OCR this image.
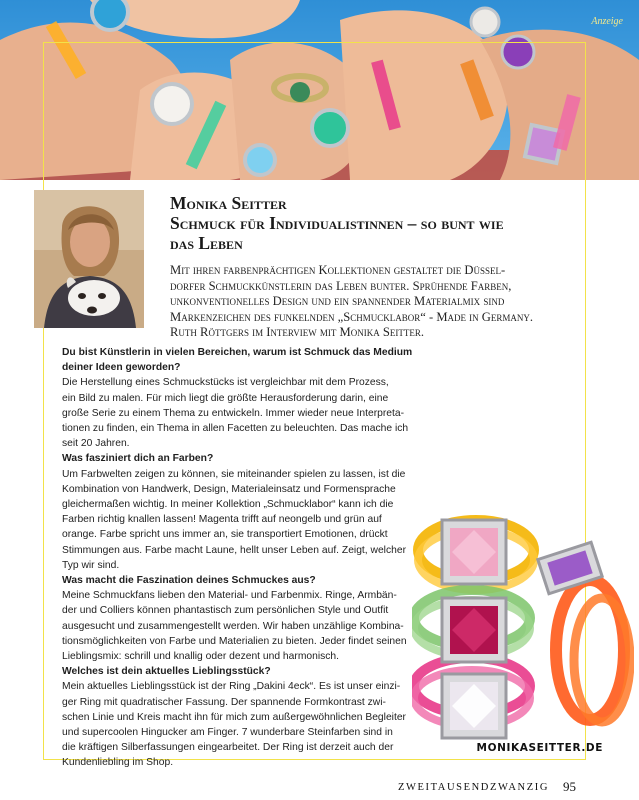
Anzeige
Monika Seitter
Schmuck für Individualistinnen – so bunt wie
das Leben
Mit ihren farbenprächtigen Kollektionen gestaltet die Düssel-
dorfer Schmuckkünstlerin das Leben bunter. Sprühende Farben,
unkonventionelles Design und ein spannender Materialmix sind
Markenzeichen des funkelnden „Schmucklabor“ - Made in Germany.
Ruth Röttgers im Interview mit Monika Seitter.
Du bist Künstlerin in vielen Bereichen, warum ist Schmuck das Medium
deiner Ideen geworden?
Die Herstellung eines Schmuckstücks ist vergleichbar mit dem Prozess,
ein Bild zu malen. Für mich liegt die größte Herausforderung darin, eine
große Serie zu einem Thema zu entwickeln. Immer wieder neue Interpreta-
tionen zu finden, ein Thema in allen Facetten zu beleuchten. Das mache ich
seit 20 Jahren.
Was fasziniert dich an Farben?
Um Farbwelten zeigen zu können, sie miteinander spielen zu lassen, ist die
Kombination von Handwerk, Design, Materialeinsatz und Formensprache
gleichermaßen wichtig. In meiner Kollektion „Schmucklabor“ kann ich die
Farben richtig knallen lassen! Magenta trifft auf neongelb und grün auf
orange. Farbe spricht uns immer an, sie transportiert Emotionen, drückt
Stimmungen aus. Farbe macht Laune, hellt unser Leben auf. Zeigt, welcher
Typ wir sind.
Was macht die Faszination deines Schmuckes aus?
Meine Schmuckfans lieben den Material- und Farbenmix. Ringe, Armbän-
der und Colliers können phantastisch zum persönlichen Style und Outfit
ausgesucht und zusammengestellt werden. Wir haben unzählige Kombina-
tionsmöglichkeiten von Farbe und Materialien zu bieten. Jeder findet seinen
Lieblingsmix: schrill und knallig oder dezent und harmonisch.
Welches ist dein aktuelles Lieblingsstück?
Mein aktuelles Lieblingsstück ist der Ring „Dakini 4eck“. Es ist unser einzi-
ger Ring mit quadratischer Fassung. Der spannende Formkontrast zwi-
schen Linie und Kreis macht ihn für mich zum außergewöhnlichen Begleiter
und supercoolen Hingucker am Finger. 7 wunderbare Steinfarben sind in
die kräftigen Silberfassungen eingearbeitet. Der Ring ist derzeit auch der
Kundenliebling im Shop.
MONIKASEITTER.DE
ZWEITAUSENDZWANZIG 95
